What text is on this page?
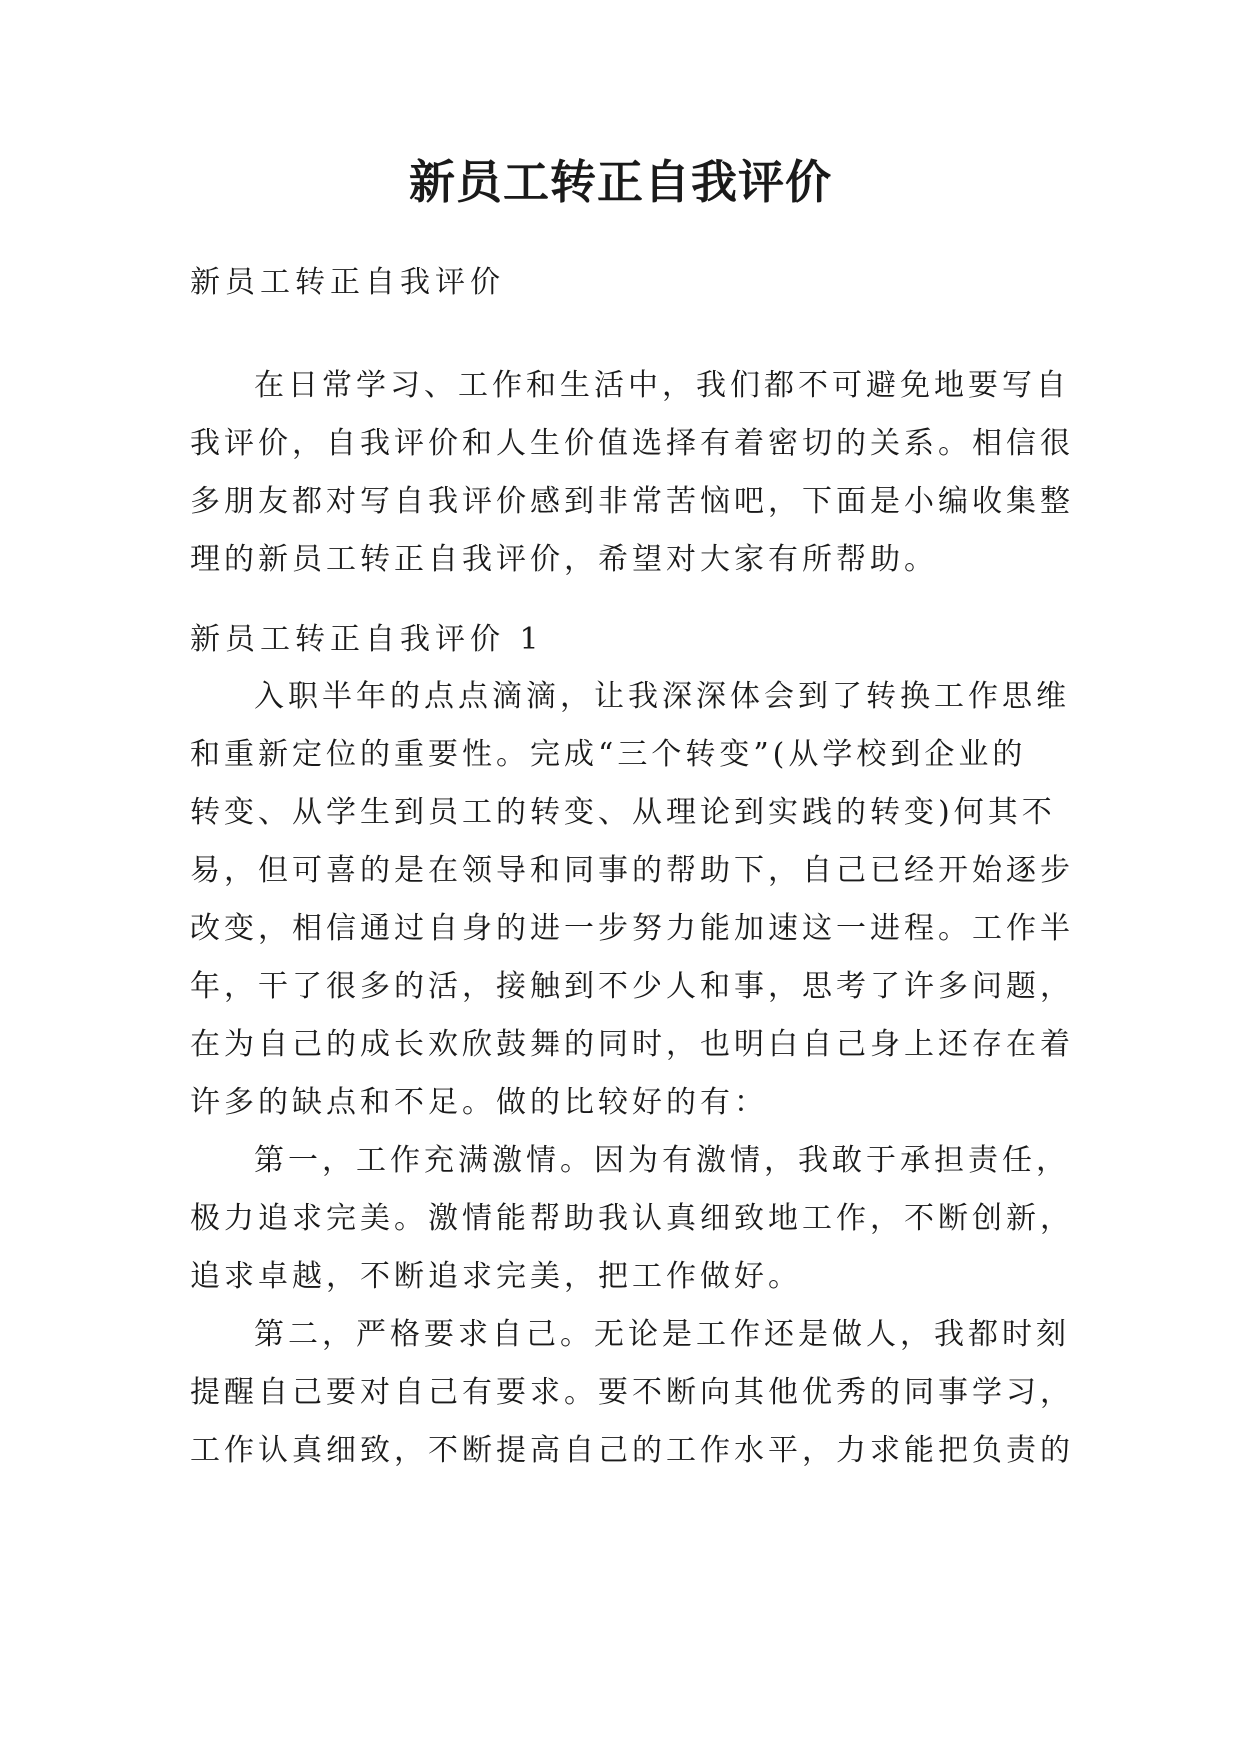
新员工转正自我评价

新员工转正自我评价

在日常学习、工作和生活中，我们都不可避免地要写自
我评价，自我评价和人生价值选择有着密切的关系。相信很
多朋友都对写自我评价感到非常苦恼吧，下面是小编收集整
理的新员工转正自我评价，希望对大家有所帮助。

新员工转正自我评价 1

入职半年的点点滴滴，让我深深体会到了转换工作思维
和重新定位的重要性。完成“三个转变”(从学校到企业的
转变、从学生到员工的转变、从理论到实践的转变)何其不
易，但可喜的是在领导和同事的帮助下，自己已经开始逐步
改变，相信通过自身的进一步努力能加速这一进程。工作半
年，干了很多的活，接触到不少人和事，思考了许多问题，
在为自己的成长欢欣鼓舞的同时，也明白自己身上还存在着
许多的缺点和不足。做的比较好的有：
第一，工作充满激情。因为有激情，我敢于承担责任，
极力追求完美。激情能帮助我认真细致地工作，不断创新，
追求卓越，不断追求完美，把工作做好。
第二，严格要求自己。无论是工作还是做人，我都时刻
提醒自己要对自己有要求。要不断向其他优秀的同事学习，
工作认真细致，不断提高自己的工作水平，力求能把负责的
